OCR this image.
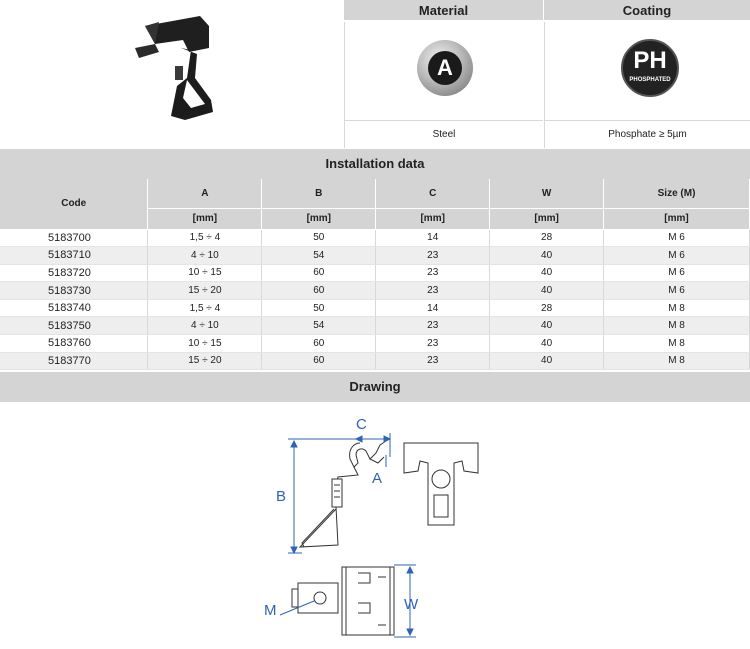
Material
A
Steel
Coating
PH
PHOSPHATED
Phosphate ≥ 5µm
Installation data
Code	A	B	C	W	Size (M)
	[mm]	[mm]	[mm]	[mm]	[mm]
5183700	1,5 ÷ 4	50	14	28	M 6
5183710	4 ÷ 10	54	23	40	M 6
5183720	10 ÷ 15	60	23	40	M 6
5183730	15 ÷ 20	60	23	40	M 6
5183740	1,5 ÷ 4	50	14	28	M 8
5183750	4 ÷ 10	54	23	40	M 8
5183760	10 ÷ 15	60	23	40	M 8
5183770	15 ÷ 20	60	23	40	M 8
Drawing
B
C
A
M	W
